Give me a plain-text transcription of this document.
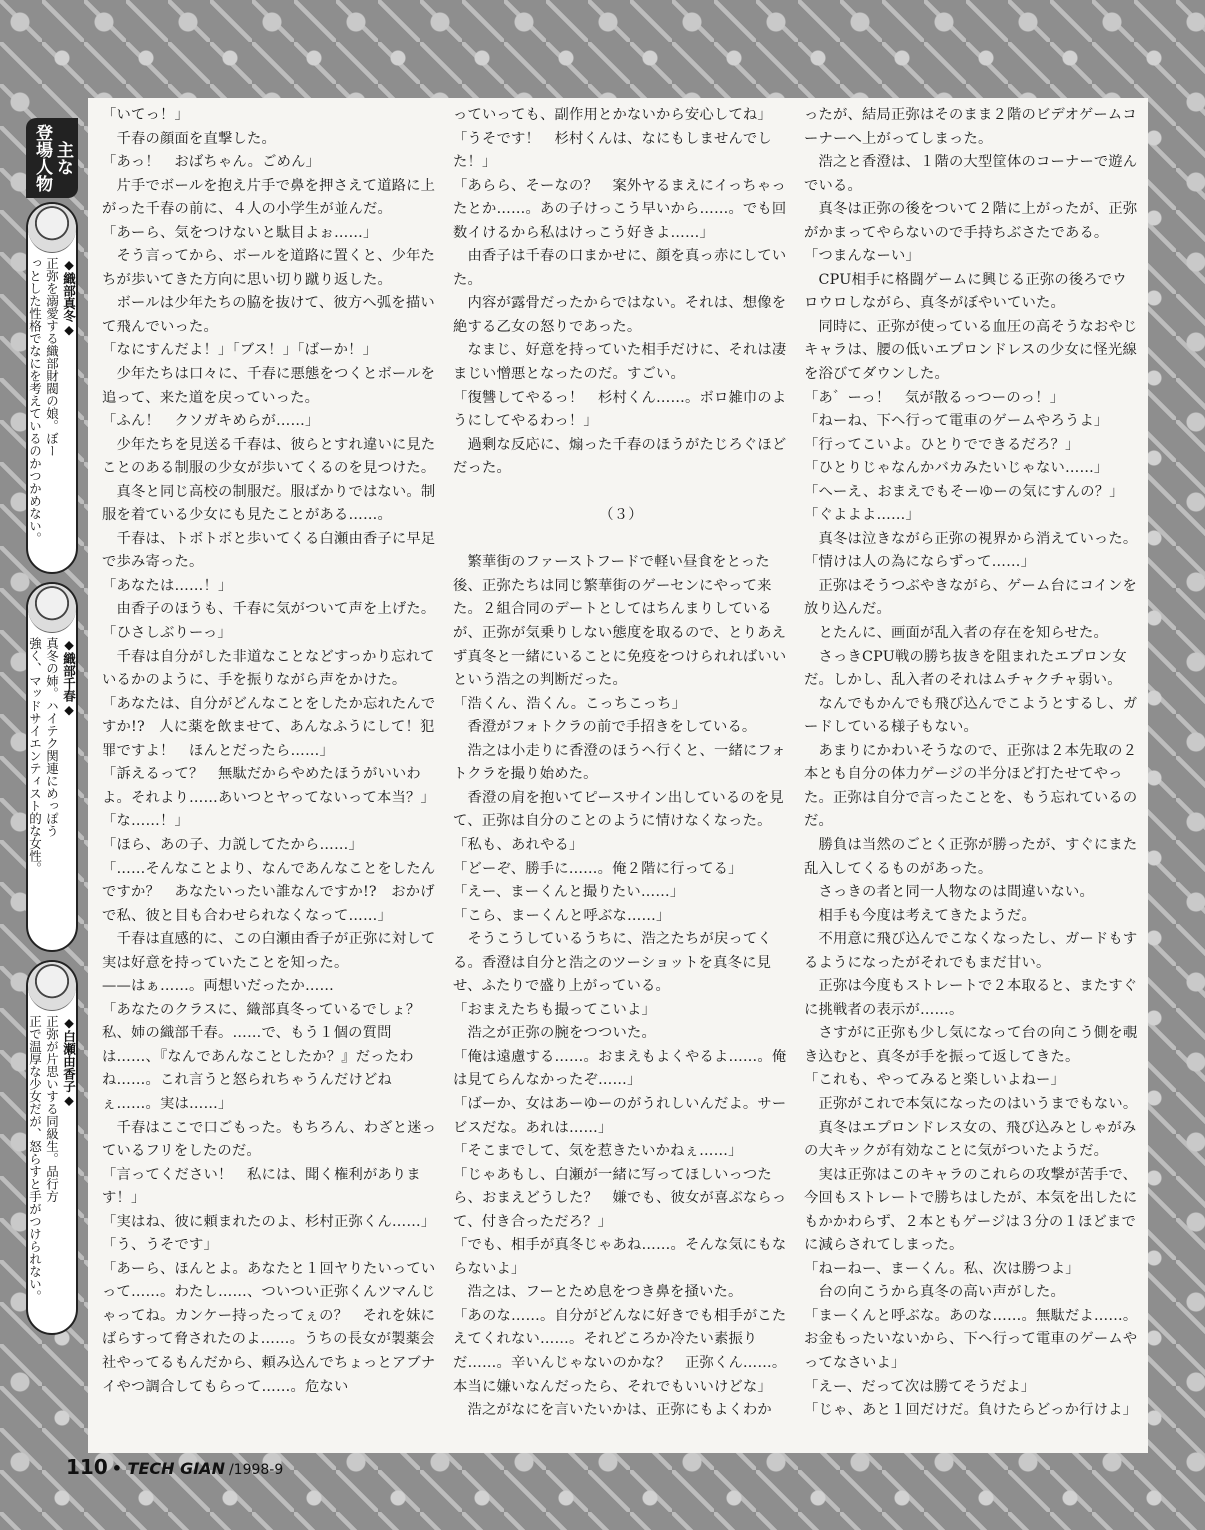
「いてっ！」

　千春の顔面を直撃した。

「あっ！　おばちゃん。ごめん」

　片手でボールを抱え片手で鼻を押さえて道路に上がった千春の前に、４人の小学生が並んだ。

「あーら、気をつけないと駄目よぉ……」

　そう言ってから、ボールを道路に置くと、少年たちが歩いてきた方向に思い切り蹴り返した。

　ボールは少年たちの脇を抜けて、彼方へ弧を描いて飛んでいった。

「なにすんだよ！」「ブス！」「ばーか！」

　少年たちは口々に、千春に悪態をつくとボールを追って、来た道を戻っていった。

「ふん！　クソガキめらが……」

　少年たちを見送る千春は、彼らとすれ違いに見たことのある制服の少女が歩いてくるのを見つけた。

　真冬と同じ高校の制服だ。服ばかりではない。制服を着ている少女にも見たことがある……。

　千春は、トボトボと歩いてくる白瀬由香子に早足で歩み寄った。

「あなたは……！」

　由香子のほうも、千春に気がついて声を上げた。

「ひさしぶりーっ」

　千春は自分がした非道なことなどすっかり忘れているかのように、手を振りながら声をかけた。

「あなたは、自分がどんなことをしたか忘れたんですか!?　人に薬を飲ませて、あんなふうにして！犯罪ですよ！　ほんとだったら……」

「訴えるって？　無駄だからやめたほうがいいわよ。それより……あいつとヤってないって本当？」

「な……！」

「ほら、あの子、力説してたから……」

「……そんなことより、なんであんなことをしたんですか？　あなたいったい誰なんですか!?　おかげで私、彼と目も合わせられなくなって……」

　千春は直感的に、この白瀬由香子が正弥に対して実は好意を持っていたことを知った。

——はぁ……。両想いだったか……

「あなたのクラスに、織部真冬っているでしょ？私、姉の織部千春。……で、もう１個の質問は……、『なんであんなことしたか？』だったわね……。これ言うと怒られちゃうんだけどねぇ……。実は……」

　千春はここで口ごもった。もちろん、わざと迷っているフリをしたのだ。

「言ってください！　私には、聞く権利があります！」

「実はね、彼に頼まれたのよ、杉村正弥くん……」

「う、うそです」

「あーら、ほんとよ。あなたと１回ヤりたいっていって……。わたし……、ついつい正弥くんツマんじゃってね。カンケー持ったってぇの？　それを妹にばらすって脅されたのよ……。うちの長女が製薬会社やってるもんだから、頼み込んでちょっとアブナイやつ調合してもらって……。危ない

っていっても、副作用とかないから安心してね」

「うそです！　杉村くんは、なにもしませんでした！」

「あらら、そーなの？　案外ヤるまえにイっちゃったとか……。あの子けっこう早いから……。でも回数イけるから私はけっこう好きよ……」

　由香子は千春の口まかせに、顔を真っ赤にしていた。

　内容が露骨だったからではない。それは、想像を絶する乙女の怒りであった。

　なまじ、好意を持っていた相手だけに、それは凄まじい憎悪となったのだ。すごい。

「復讐してやるっ！　杉村くん……。ボロ雑巾のようにしてやるわっ！」

　過剰な反応に、煽った千春のほうがたじろぐほどだった。

（３）

　繁華街のファーストフードで軽い昼食をとった後、正弥たちは同じ繁華街のゲーセンにやって来た。２組合同のデートとしてはちんまりしているが、正弥が気乗りしない態度を取るので、とりあえず真冬と一緒にいることに免疫をつけられればいいという浩之の判断だった。

「浩くん、浩くん。こっちこっち」

　香澄がフォトクラの前で手招きをしている。

　浩之は小走りに香澄のほうへ行くと、一緒にフォトクラを撮り始めた。

　香澄の肩を抱いてピースサイン出しているのを見て、正弥は自分のことのように情けなくなった。

「私も、あれやる」

「どーぞ、勝手に……。俺２階に行ってる」

「えー、まーくんと撮りたい……」

「こら、まーくんと呼ぶな……」

　そうこうしているうちに、浩之たちが戻ってくる。香澄は自分と浩之のツーショットを真冬に見せ、ふたりで盛り上がっている。

「おまえたちも撮ってこいよ」

　浩之が正弥の腕をつついた。

「俺は遠慮する……。おまえもよくやるよ……。俺は見てらんなかったぞ……」

「ばーか、女はあーゆーのがうれしいんだよ。サービスだな。あれは……」

「そこまでして、気を惹きたいかねぇ……」

「じゃあもし、白瀬が一緒に写ってほしいっつたら、おまえどうした？　嫌でも、彼女が喜ぶならって、付き合っただろ？」

「でも、相手が真冬じゃあね……。そんな気にもならないよ」

　浩之は、フーとため息をつき鼻を掻いた。

「あのな……。自分がどんなに好きでも相手がこたえてくれない……。それどころか冷たい素振りだ……。辛いんじゃないのかな？　正弥くん……。本当に嫌いなんだったら、それでもいいけどな」

　浩之がなにを言いたいかは、正弥にもよくわか

ったが、結局正弥はそのまま２階のビデオゲームコーナーへ上がってしまった。

　浩之と香澄は、１階の大型筐体のコーナーで遊んでいる。

　真冬は正弥の後をついて２階に上がったが、正弥がかまってやらないので手持ちぶさたである。

「つまんなーい」

　CPU相手に格闘ゲームに興じる正弥の後ろでウロウロしながら、真冬がぼやいていた。

　同時に、正弥が使っている血圧の高そうなおやじキャラは、腰の低いエプロンドレスの少女に怪光線を浴びてダウンした。

「あ゛ーっ！　気が散るっつーのっ！」

「ねーね、下へ行って電車のゲームやろうよ」

「行ってこいよ。ひとりでできるだろ？」

「ひとりじゃなんかバカみたいじゃない……」

「へーえ、おまえでもそーゆーの気にすんの？」

「ぐよよよ……」

　真冬は泣きながら正弥の視界から消えていった。

「情けは人の為にならずって……」

　正弥はそうつぶやきながら、ゲーム台にコインを放り込んだ。

　とたんに、画面が乱入者の存在を知らせた。

　さっきCPU戦の勝ち抜きを阻まれたエプロン女だ。しかし、乱入者のそれはムチャクチャ弱い。

　なんでもかんでも飛び込んでこようとするし、ガードしている様子もない。

　あまりにかわいそうなので、正弥は２本先取の２本とも自分の体力ゲージの半分ほど打たせてやった。正弥は自分で言ったことを、もう忘れているのだ。

　勝負は当然のごとく正弥が勝ったが、すぐにまた乱入してくるものがあった。

　さっきの者と同一人物なのは間違いない。

　相手も今度は考えてきたようだ。

　不用意に飛び込んでこなくなったし、ガードもするようになったがそれでもまだ甘い。

　正弥は今度もストレートで２本取ると、またすぐに挑戦者の表示が……。

　さすがに正弥も少し気になって台の向こう側を覗き込むと、真冬が手を振って返してきた。

「これも、やってみると楽しいよねー」

　正弥がこれで本気になったのはいうまでもない。

　真冬はエプロンドレス女の、飛び込みとしゃがみの大キックが有効なことに気がついたようだ。

　実は正弥はこのキャラのこれらの攻撃が苦手で、今回もストレートで勝ちはしたが、本気を出したにもかかわらず、２本ともゲージは３分の１ほどまでに減らされてしまった。

「ねーねー、まーくん。私、次は勝つよ」

　台の向こうから真冬の高い声がした。

「まーくんと呼ぶな。あのな……。無駄だよ……。お金もったいないから、下へ行って電車のゲームやってなさいよ」

「えー、だって次は勝てそうだよ」

「じゃ、あと１回だけだ。負けたらどっか行けよ」

主な
登場人物
◆織部真冬◆
正弥を溺愛する織部財閥の娘。ぼー
っとした性格でなにを考えているのかつかめない。
◆織部千春◆
真冬の姉。ハイテク関連にめっぽう
強く、マッドサイエンティスト的な女性。
◆白瀬由香子◆
正弥が片思いする同級生。品行方
正で温厚な少女だが、怒らすと手がつけられない。
110 • TECH GIAN /1998-9
